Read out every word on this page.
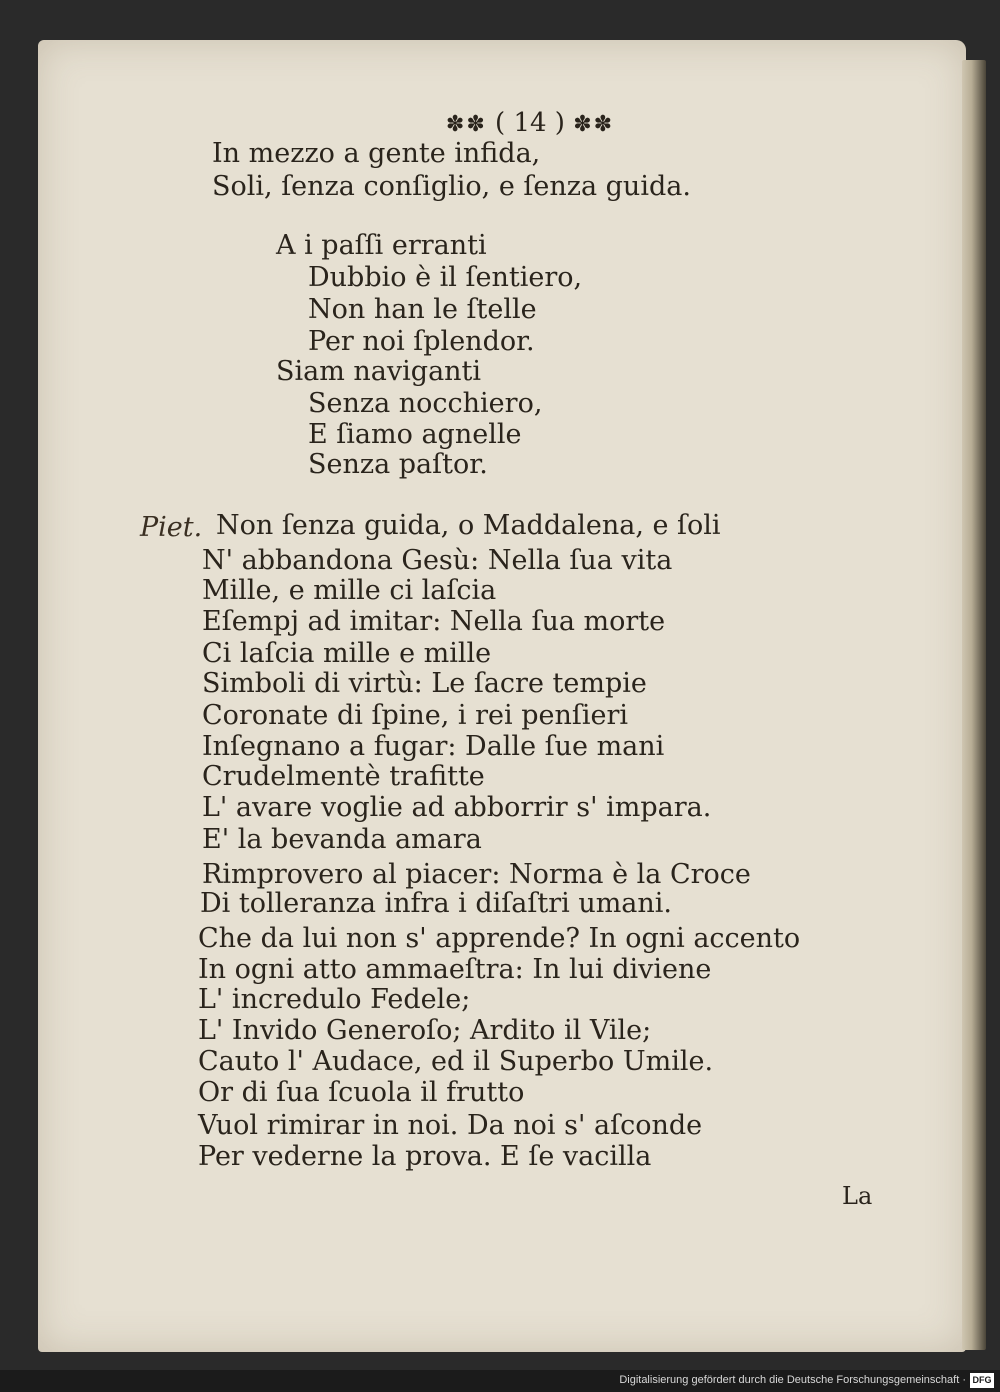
✽✽ ( 14 ) ✽✽
In mezzo a gente infida,
Soli, ſenza conſiglio, e ſenza guida.
A i paſſi erranti
Dubbio è il ſentiero,
Non han le ſtelle
Per noi ſplendor.
Siam naviganti
Senza nocchiero,
E ſiamo agnelle
Senza paſtor.
Piet. Non ſenza guida, o Maddalena, e ſoli
N' abbandona Gesù: Nella ſua vita
Mille, e mille ci laſcia
Eſempj ad imitar: Nella ſua morte
Ci laſcia mille e mille
Simboli di virtù: Le ſacre tempie
Coronate di ſpine, i rei penſieri
Inſegnano a fugar: Dalle ſue mani
Crudelmentè trafitte
L' avare voglie ad abborrir s' impara.
E' la bevanda amara
Rimprovero al piacer: Norma è la Croce
Di tolleranza infra i diſaſtri umani.
Che da lui non s' apprende? In ogni accento
In ogni atto ammaeſtra: In lui diviene
L' incredulo Fedele;
L' Invido Generoſo; Ardito il Vile;
Cauto l' Audace, ed il Superbo Umile.
Or di ſua ſcuola il frutto
Vuol rimirar in noi. Da noi s' aſconde
Per vederne la prova. E ſe vacilla
La
Digitalisierung gefördert durch die Deutsche Forschungsgemeinschaft · DFG
